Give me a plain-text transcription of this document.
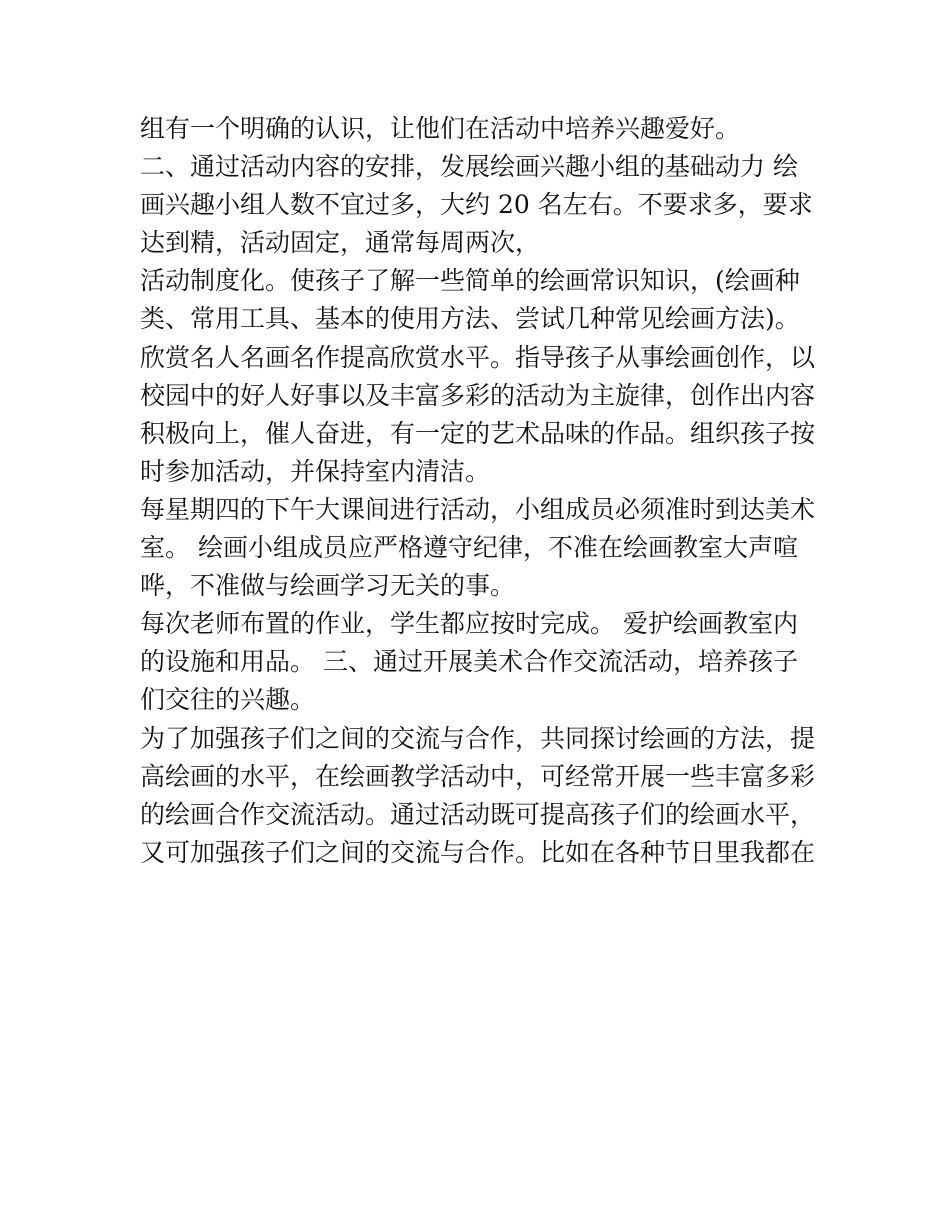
组有一个明确的认识，让他们在活动中培养兴趣爱好。
二、通过活动内容的安排，发展绘画兴趣小组的基础动力 绘
画兴趣小组人数不宜过多，大约 20 名左右。不要求多，要求
达到精，活动固定，通常每周两次，
活动制度化。使孩子了解一些简单的绘画常识知识，(绘画种
类、常用工具、基本的使用方法、尝试几种常见绘画方法)。
欣赏名人名画名作提高欣赏水平。指导孩子从事绘画创作，以
校园中的好人好事以及丰富多彩的活动为主旋律，创作出内容
积极向上，催人奋进，有一定的艺术品味的作品。组织孩子按
时参加活动，并保持室内清洁。
每星期四的下午大课间进行活动，小组成员必须准时到达美术
室。 绘画小组成员应严格遵守纪律，不准在绘画教室大声喧
哗，不准做与绘画学习无关的事。
每次老师布置的作业，学生都应按时完成。 爱护绘画教室内
的设施和用品。 三、通过开展美术合作交流活动，培养孩子
们交往的兴趣。
为了加强孩子们之间的交流与合作，共同探讨绘画的方法，提
高绘画的水平，在绘画教学活动中，可经常开展一些丰富多彩
的绘画合作交流活动。通过活动既可提高孩子们的绘画水平，
又可加强孩子们之间的交流与合作。比如在各种节日里我都在
